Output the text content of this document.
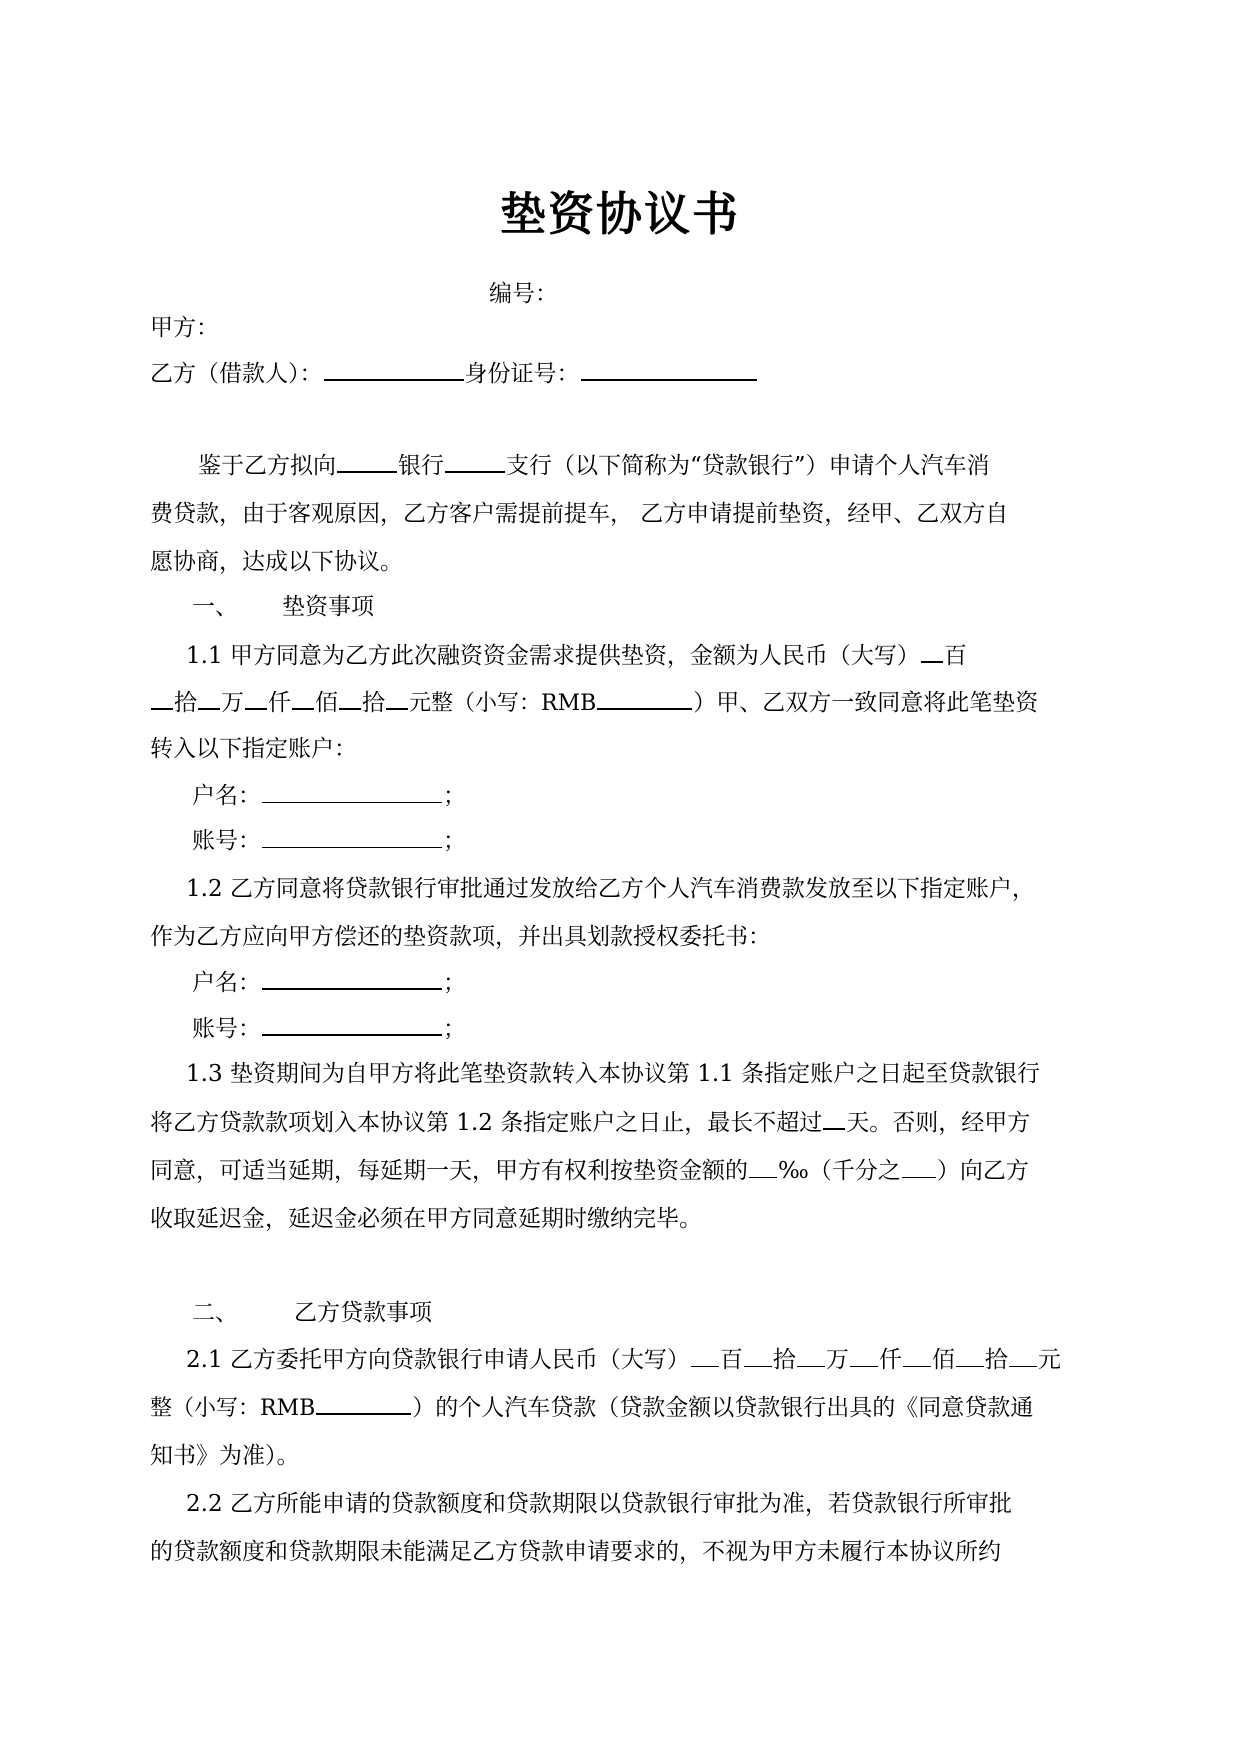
垫资协议书
编号：
甲方：
乙方（借款人）：	身份证号：
鉴于乙方拟向	银行	支行（以下简称为“贷款银行”）申请个人汽车消
费贷款，由于客观原因，乙方客户需提前提车， 乙方申请提前垫资，经甲、乙双方自
愿协商，达成以下协议。
一、 垫资事项
1.1 甲方同意为乙方此次融资资金需求提供垫资，金额为人民币（大写） 百
拾 万 仟 佰 拾 元整（小写：RMB	）甲、乙双方一致同意将此笔垫资
转入以下指定账户：
户名：	；
账号：	；
1.2 乙方同意将贷款银行审批通过发放给乙方个人汽车消费款发放至以下指定账户，
作为乙方应向甲方偿还的垫资款项，并出具划款授权委托书：
户名：	；
账号：	；
1.3 垫资期间为自甲方将此笔垫资款转入本协议第 1.1 条指定账户之日起至贷款银行
将乙方贷款款项划入本协议第 1.2 条指定账户之日止，最长不超过 天。否则，经甲方
同意，可适当延期，每延期一天，甲方有权利按垫资金额的 ‰（千分之 ）向乙方
收取延迟金，延迟金必须在甲方同意延期时缴纳完毕。
二、 乙方贷款事项
2.1 乙方委托甲方向贷款银行申请人民币（大写） 百 拾 万 仟 佰 拾 元
整（小写：RMB	）的个人汽车贷款（贷款金额以贷款银行出具的《同意贷款通
知书》为准）。
2.2 乙方所能申请的贷款额度和贷款期限以贷款银行审批为准，若贷款银行所审批
的贷款额度和贷款期限未能满足乙方贷款申请要求的，不视为甲方未履行本协议所约
